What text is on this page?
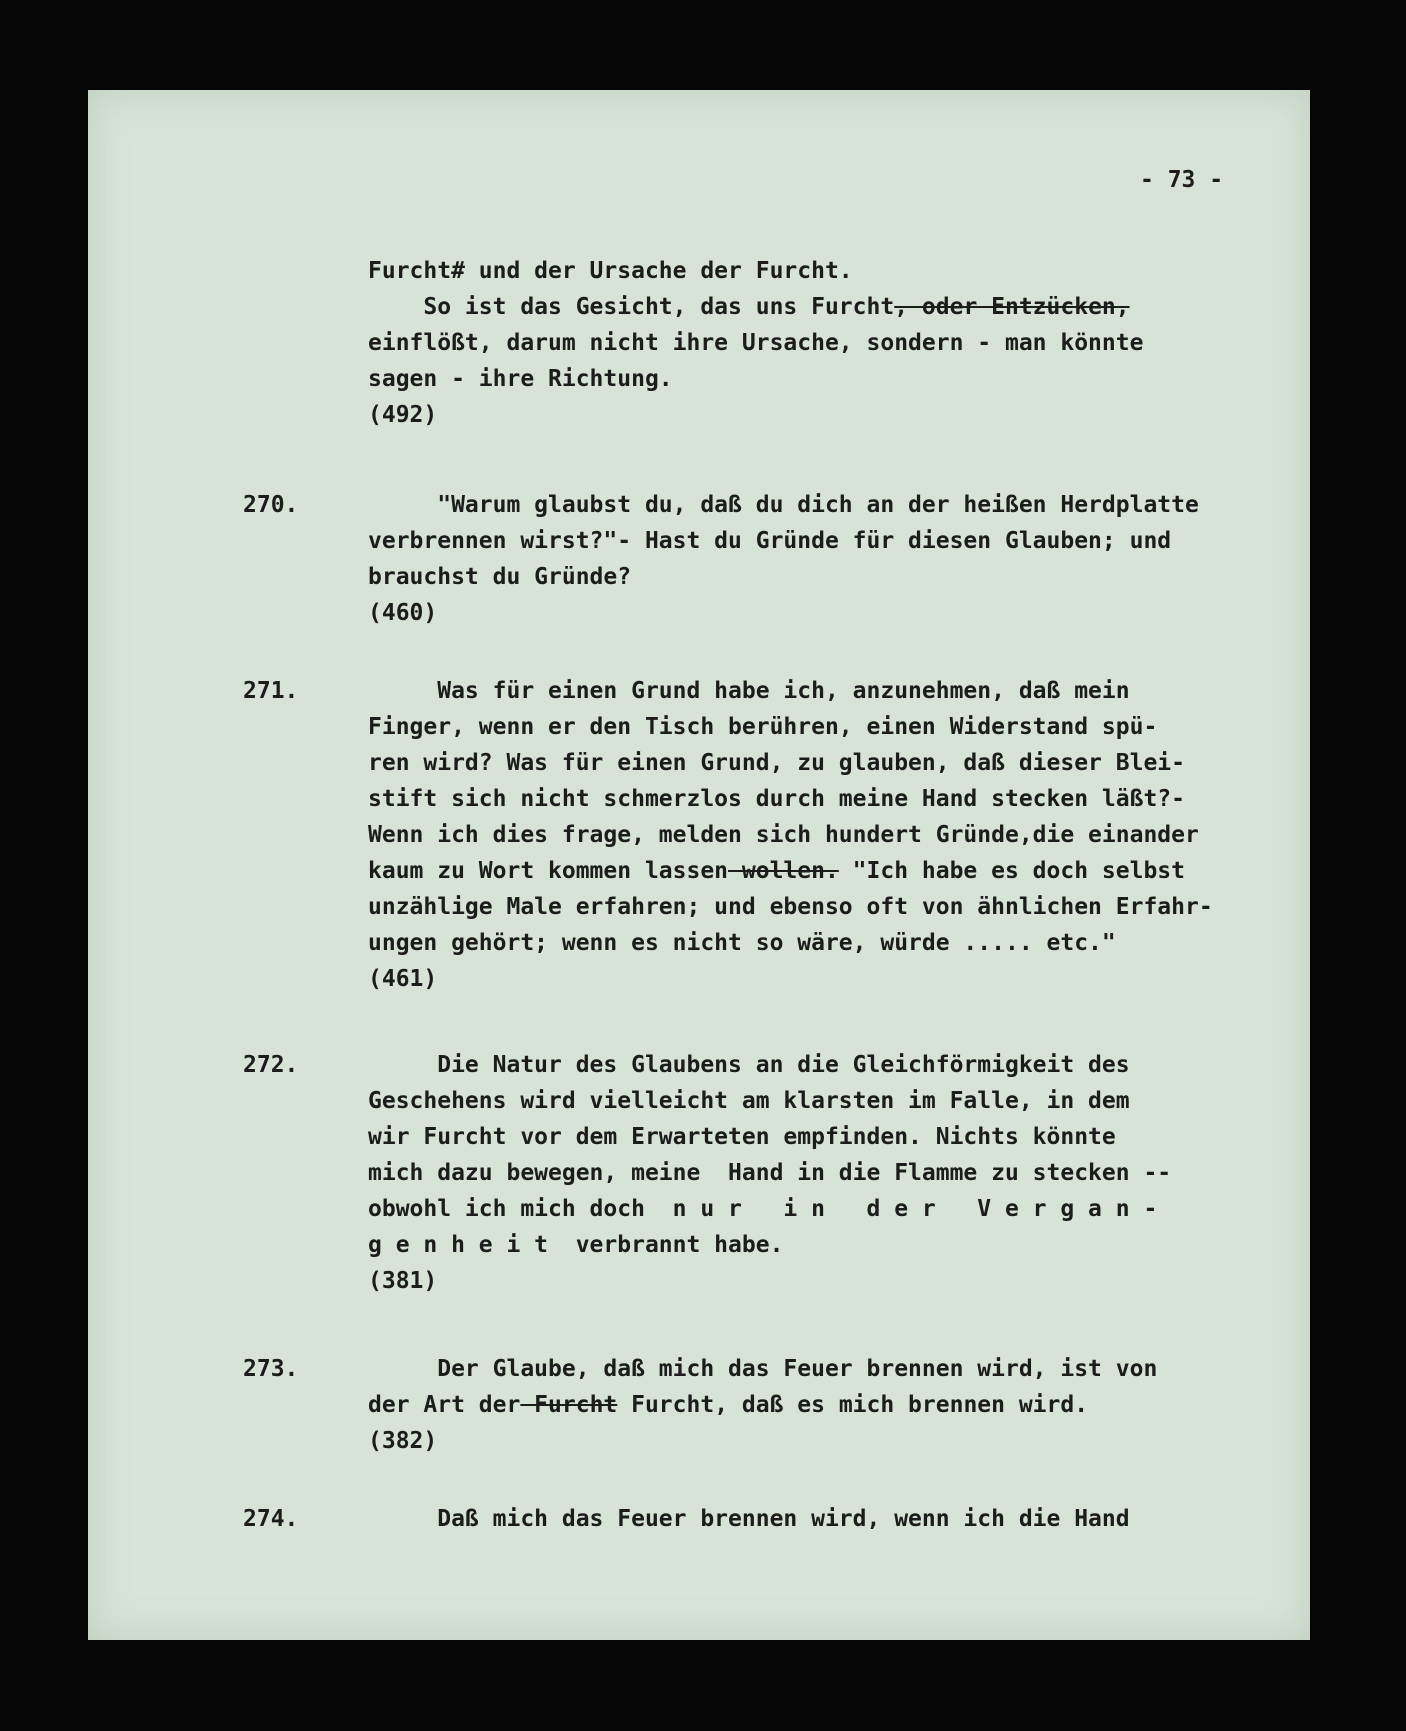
- 73 -
Furcht# und der Ursache der Furcht.
So ist das Gesicht, das uns Furcht, oder Entzücken,
einflößt, darum nicht ihre Ursache, sondern - man könnte
sagen - ihre Richtung.
(492)
270.	"Warum glaubst du, daß du dich an der heißen Herdplatte
verbrennen wirst?"- Hast du Gründe für diesen Glauben; und
brauchst du Gründe?
(460)
271.	Was für einen Grund habe ich, anzunehmen, daß mein
Finger, wenn er den Tisch berühren, einen Widerstand spü-
ren wird? Was für einen Grund, zu glauben, daß dieser Blei-
stift sich nicht schmerzlos durch meine Hand stecken läßt?-
Wenn ich dies frage, melden sich hundert Gründe,die einander
kaum zu Wort kommen lassen wollen. "Ich habe es doch selbst
unzählige Male erfahren; und ebenso oft von ähnlichen Erfahr-
ungen gehört; wenn es nicht so wäre, würde ..... etc."
(461)
272.	Die Natur des Glaubens an die Gleichförmigkeit des
Geschehens wird vielleicht am klarsten im Falle, in dem
wir Furcht vor dem Erwarteten empfinden. Nichts könnte
mich dazu bewegen, meine  Hand in die Flamme zu stecken --
obwohl ich mich doch  n u r   i n   d e r   V e r g a n -
g e n h e i t  verbrannt habe.
(381)
273.	Der Glaube, daß mich das Feuer brennen wird, ist von
der Art der Furcht Furcht, daß es mich brennen wird.
(382)
274.	Daß mich das Feuer brennen wird, wenn ich die Hand
